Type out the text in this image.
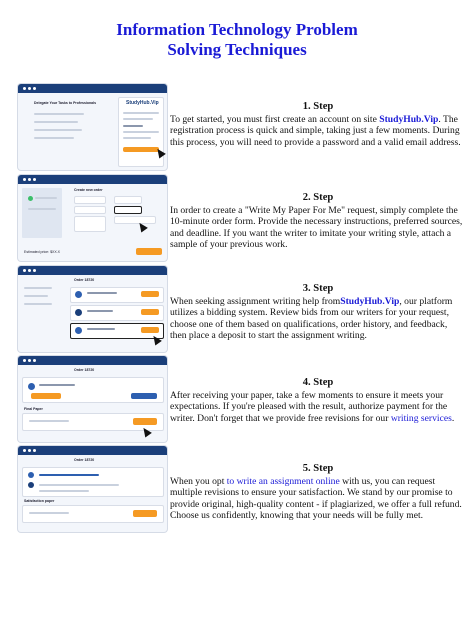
Information Technology Problem
Solving Techniques
Delegate Your Tasks to Professionals	StudyHub.Vip	1. Step

To get started, you must first create an account on site StudyHub.Vip. The registration process is quick and simple, taking just a few moments. During this process, you will need to provide a password and a valid email address.

Create new order
Estimated price: $XX.X
2. Step

In order to create a "Write My Paper For Me" request, simply complete the 10-minute order form. Provide the necessary instructions, preferred sources, and deadline. If you want the writer to imitate your writing style, attach a sample of your previous work.

Order 18720
3. Step

When seeking assignment writing help fromStudyHub.Vip, our platform utilizes a bidding system. Review bids from our writers for your request, choose one of them based on qualifications, order history, and feedback, then place a deposit to start the assignment writing.

Order 18720
Final Paper
4. Step

After receiving your paper, take a few moments to ensure it meets your expectations. If you're pleased with the result, authorize payment for the writer. Don't forget that we provide free revisions for our writing services.

Order 18720
Satisfaction paper
5. Step

When you opt to write an assignment online with us, you can request multiple revisions to ensure your satisfaction. We stand by our promise to provide original, high-quality content - if plagiarized, we offer a full refund. Choose us confidently, knowing that your needs will be fully met.
